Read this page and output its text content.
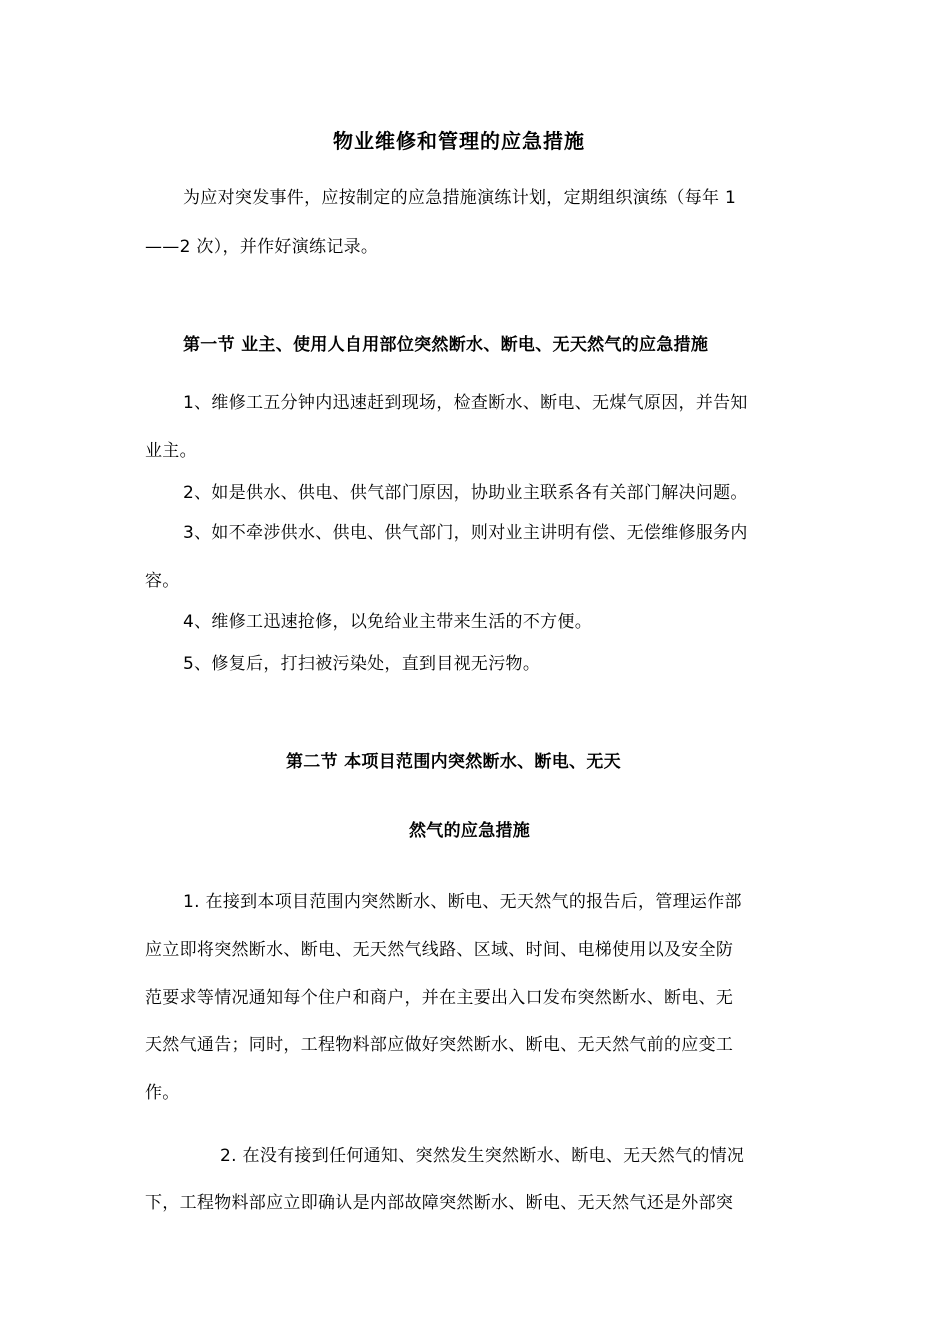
物业维修和管理的应急措施
为应对突发事件，应按制定的应急措施演练计划，定期组织演练（每年 1
——2 次），并作好演练记录。
第一节 业主、使用人自用部位突然断水、断电、无天然气的应急措施
1、维修工五分钟内迅速赶到现场，检查断水、断电、无煤气原因，并告知
业主。
2、如是供水、供电、供气部门原因，协助业主联系各有关部门解决问题。
3、如不牵涉供水、供电、供气部门，则对业主讲明有偿、无偿维修服务内
容。
4、维修工迅速抢修，以免给业主带来生活的不方便。
5、修复后，打扫被污染处，直到目视无污物。
第二节 本项目范围内突然断水、断电、无天
然气的应急措施
1. 在接到本项目范围内突然断水、断电、无天然气的报告后，管理运作部
应立即将突然断水、断电、无天然气线路、区域、时间、电梯使用以及安全防
范要求等情况通知每个住户和商户，并在主要出入口发布突然断水、断电、无
天然气通告；同时，工程物料部应做好突然断水、断电、无天然气前的应变工
作。
2. 在没有接到任何通知、突然发生突然断水、断电、无天然气的情况
下，工程物料部应立即确认是内部故障突然断水、断电、无天然气还是外部突
